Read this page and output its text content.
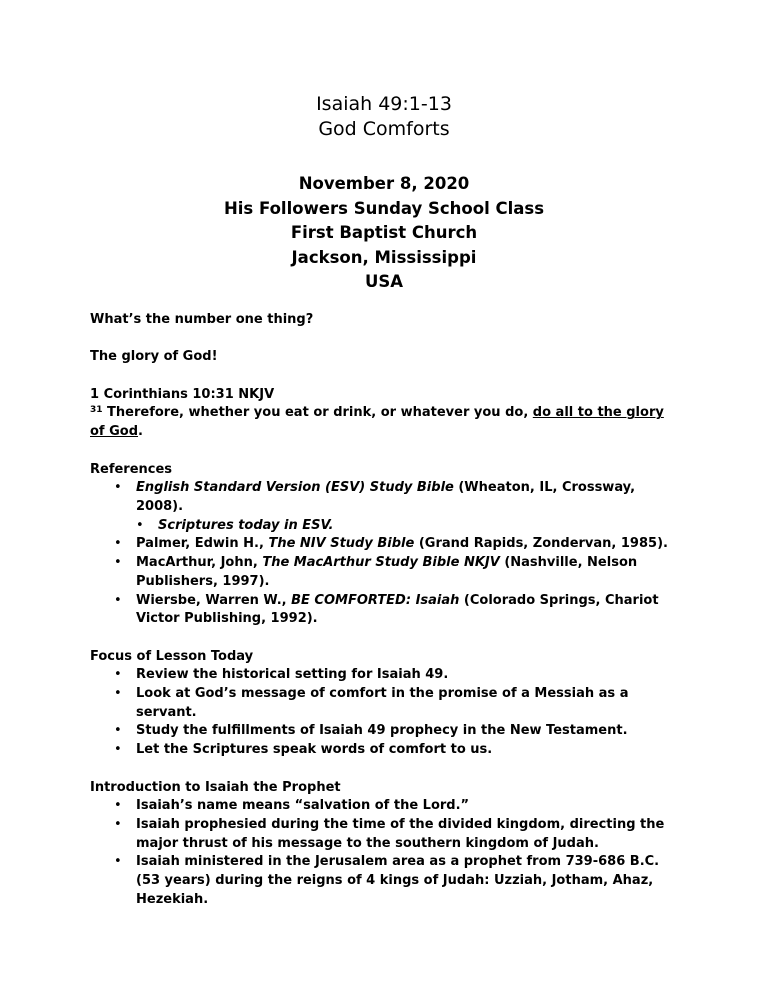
Isaiah 49:1-13
God Comforts
November 8, 2020
His Followers Sunday School Class
First Baptist Church
Jackson, Mississippi
USA

What’s the number one thing?

The glory of God!

1 Corinthians 10:31 NKJV

$^{31}$ Therefore, whether you eat or drink, or whatever you do, do all to the glory of God.

References

• English Standard Version (ESV) Study Bible (Wheaton, IL, Crossway, 2008).
• Scriptures today in ESV.
• Palmer, Edwin H., The NIV Study Bible (Grand Rapids, Zondervan, 1985).
• MacArthur, John, The MacArthur Study Bible NKJV (Nashville, Nelson Publishers, 1997).
• Wiersbe, Warren W., BE COMFORTED: Isaiah (Colorado Springs, Chariot Victor Publishing, 1992).

Focus of Lesson Today

• Review the historical setting for Isaiah 49.
• Look at God’s message of comfort in the promise of a Messiah as a servant.
• Study the fulfillments of Isaiah 49 prophecy in the New Testament.
• Let the Scriptures speak words of comfort to us.

Introduction to Isaiah the Prophet

• Isaiah’s name means “salvation of the Lord.”
• Isaiah prophesied during the time of the divided kingdom, directing the major thrust of his message to the southern kingdom of Judah.
• Isaiah ministered in the Jerusalem area as a prophet from 739-686 B.C. (53 years) during the reigns of 4 kings of Judah: Uzziah, Jotham, Ahaz, Hezekiah.
